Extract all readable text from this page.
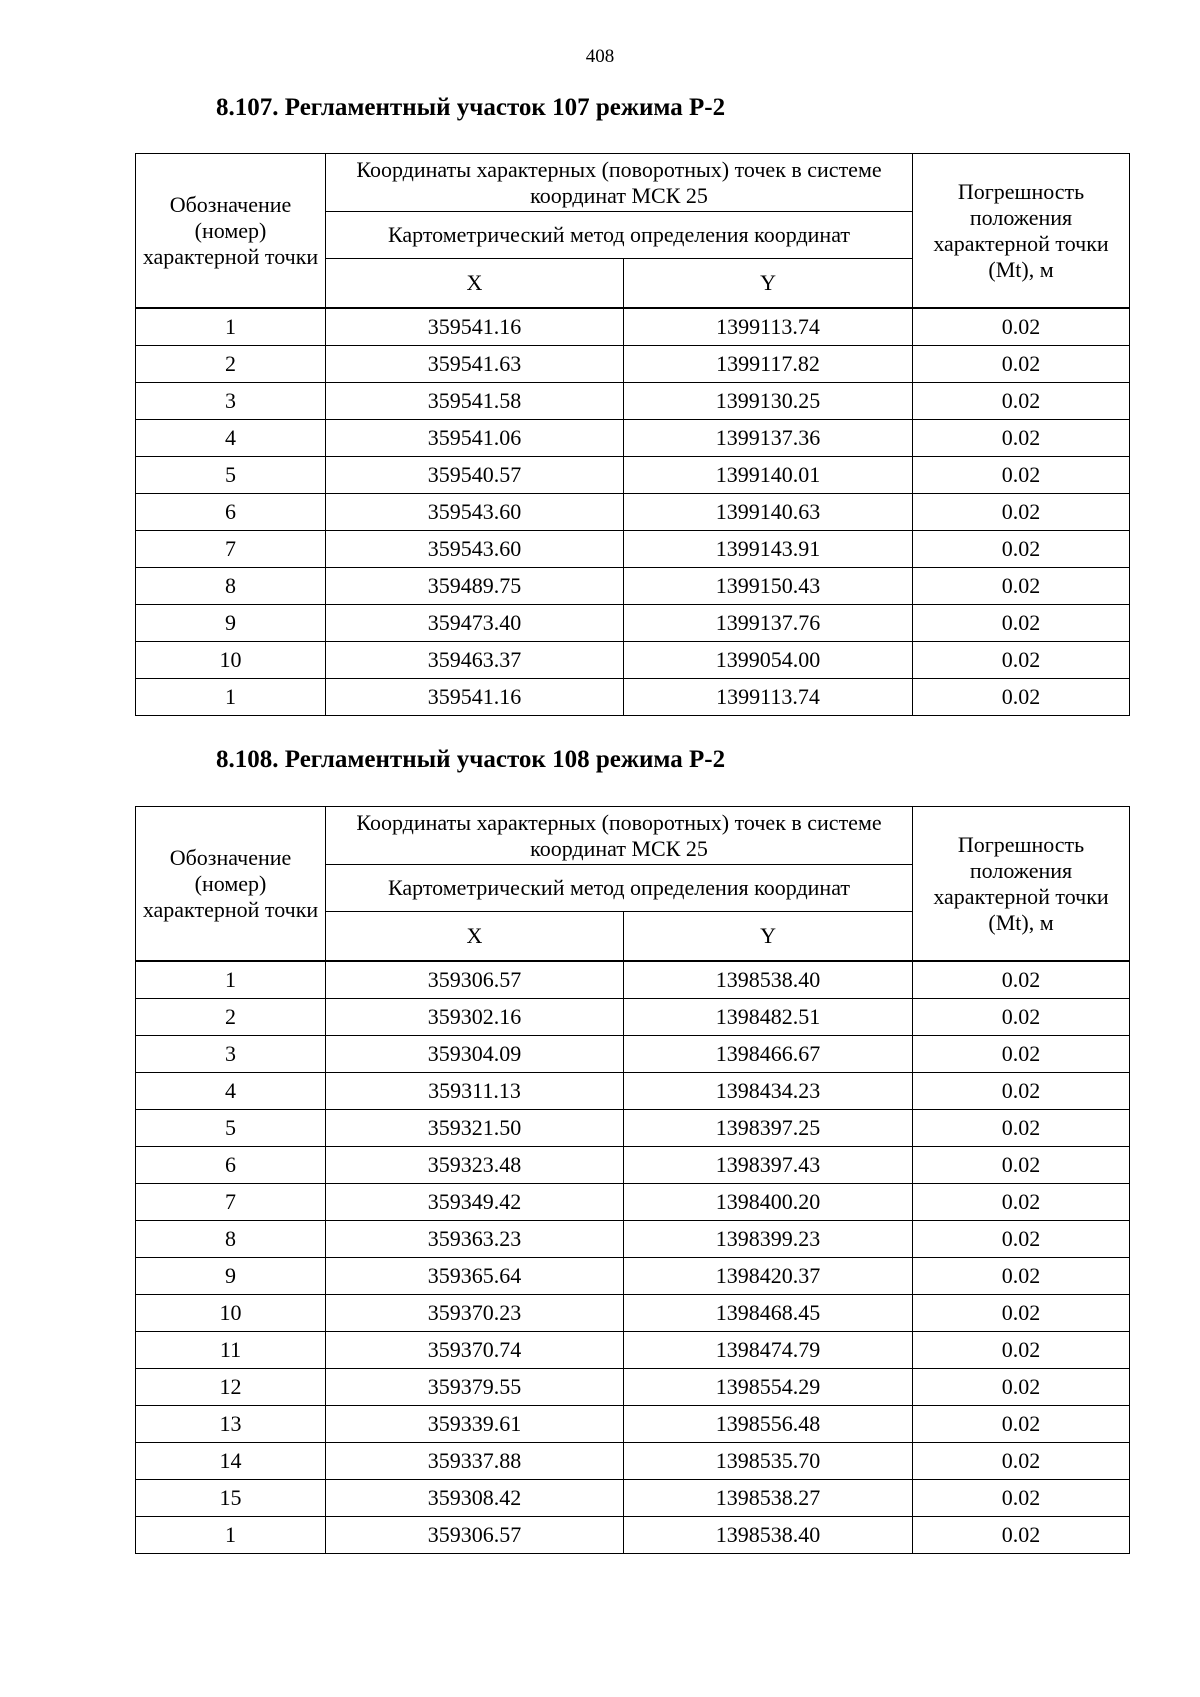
408
8.107. Регламентный участок 107 режима Р-2
Обозначение (номер) характерной точки	Координаты характерных (поворотных) точек в системе координат МСК 25		Погрешность положения характерной точки (Mt), м
	Картометрический метод определения координат		
	X	Y	
1	359541.16	1399113.74	0.02
2	359541.63	1399117.82	0.02
3	359541.58	1399130.25	0.02
4	359541.06	1399137.36	0.02
5	359540.57	1399140.01	0.02
6	359543.60	1399140.63	0.02
7	359543.60	1399143.91	0.02
8	359489.75	1399150.43	0.02
9	359473.40	1399137.76	0.02
10	359463.37	1399054.00	0.02
1	359541.16	1399113.74	0.02
8.108. Регламентный участок 108 режима Р-2
Обозначение (номер) характерной точки	Координаты характерных (поворотных) точек в системе координат МСК 25		Погрешность положения характерной точки (Mt), м
	Картометрический метод определения координат		
	X	Y	
1	359306.57	1398538.40	0.02
2	359302.16	1398482.51	0.02
3	359304.09	1398466.67	0.02
4	359311.13	1398434.23	0.02
5	359321.50	1398397.25	0.02
6	359323.48	1398397.43	0.02
7	359349.42	1398400.20	0.02
8	359363.23	1398399.23	0.02
9	359365.64	1398420.37	0.02
10	359370.23	1398468.45	0.02
11	359370.74	1398474.79	0.02
12	359379.55	1398554.29	0.02
13	359339.61	1398556.48	0.02
14	359337.88	1398535.70	0.02
15	359308.42	1398538.27	0.02
1	359306.57	1398538.40	0.02
